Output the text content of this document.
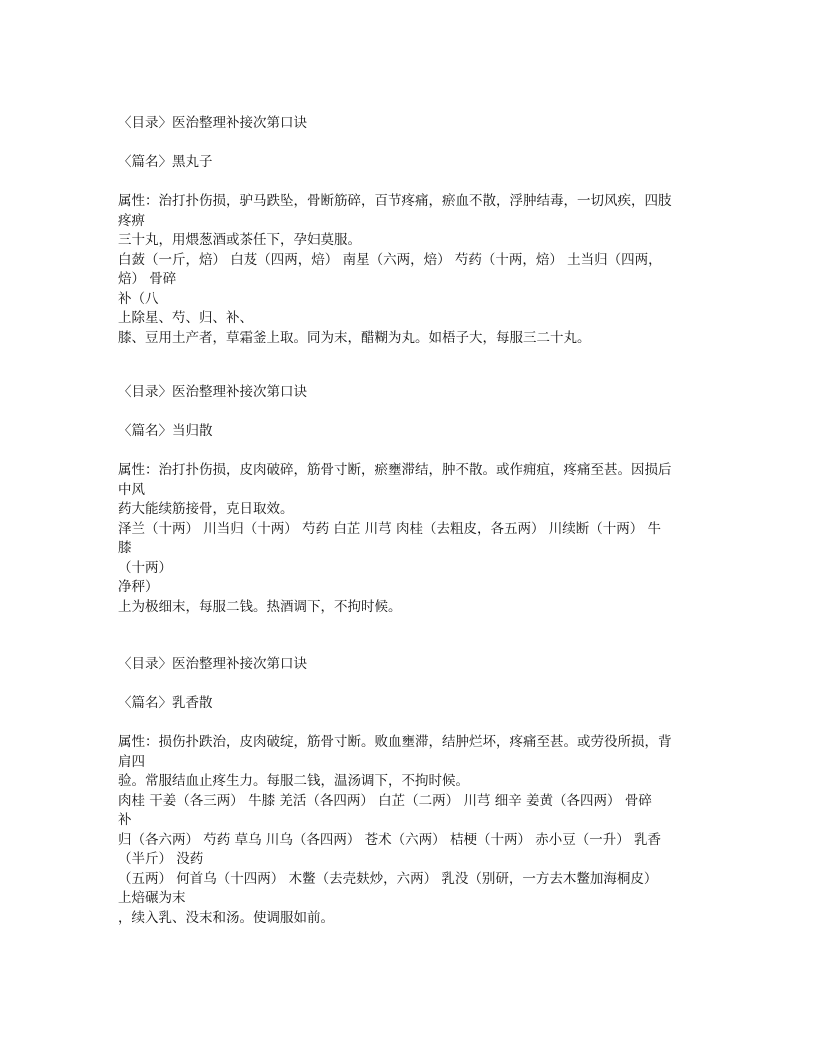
〈目录〉医治整理补接次第口诀
〈篇名〉黑丸子
属性：治打扑伤损，驴马跌坠，骨断筋碎，百节疼痛，瘀血不散，浮肿结毒，一切风疾，四肢
疼痹
三十丸，用煨葱酒或茶任下，孕妇莫服。
白蔹（一斤，焙） 白芨（四两，焙） 南星（六两，焙） 芍药（十两，焙） 土当归（四两，
焙） 骨碎
补（八
上除星、芍、归、补、
膝、豆用土产者，草霜釜上取。同为末，醋糊为丸。如梧子大，每服三二十丸。
〈目录〉医治整理补接次第口诀
〈篇名〉当归散
属性：治打扑伤损，皮肉破碎，筋骨寸断，瘀壅滞结，肿不散。或作痈疽，疼痛至甚。因损后
中风
药大能续筋接骨，克日取效。
泽兰（十两） 川当归（十两） 芍药 白芷 川芎 肉桂（去粗皮，各五两） 川续断（十两） 牛
膝
（十两）
净秤）
上为极细末，每服二钱。热酒调下，不拘时候。
〈目录〉医治整理补接次第口诀
〈篇名〉乳香散
属性：损伤扑跌治，皮肉破绽，筋骨寸断。败血壅滞，结肿烂坏，疼痛至甚。或劳役所损，背
肩四
验。常服结血止疼生力。每服二钱，温汤调下，不拘时候。
肉桂 干姜（各三两） 牛膝 羌活（各四两） 白芷（二两） 川芎 细辛 姜黄（各四两） 骨碎
补
归（各六两） 芍药 草乌 川乌（各四两） 苍术（六两） 桔梗（十两） 赤小豆（一升） 乳香
（半斤） 没药
（五两） 何首乌（十四两） 木鳖（去壳麸炒，六两） 乳没（别研，一方去木鳖加海桐皮）
上焙碾为末
，续入乳、没末和汤。使调服如前。
